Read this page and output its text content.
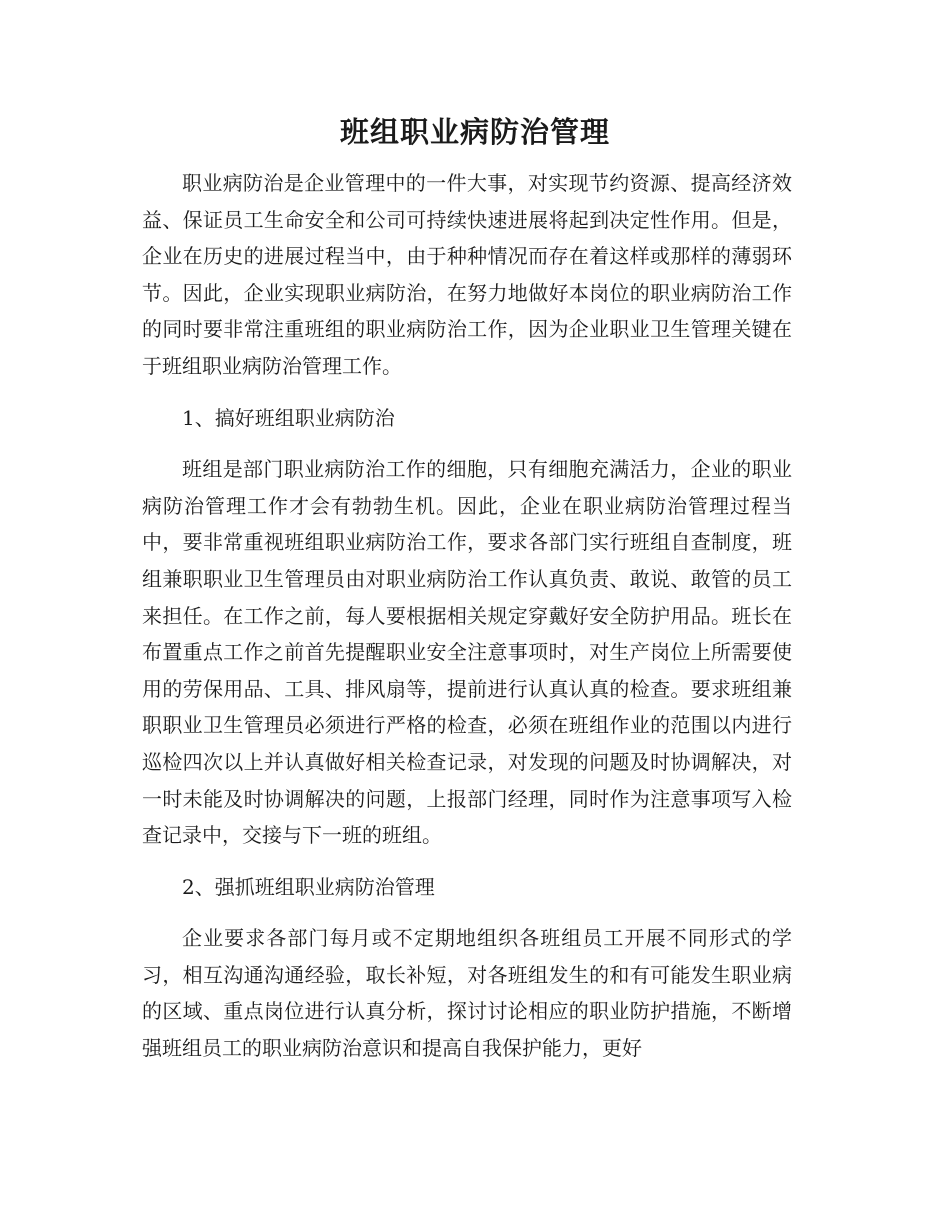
班组职业病防治管理

职业病防治是企业管理中的一件大事，对实现节约资源、提高经济效益、保证员工生命安全和公司可持续快速进展将起到决定性作用。但是，企业在历史的进展过程当中，由于种种情况而存在着这样或那样的薄弱环节。因此，企业实现职业病防治，在努力地做好本岗位的职业病防治工作的同时要非常注重班组的职业病防治工作，因为企业职业卫生管理关键在于班组职业病防治管理工作。

1、搞好班组职业病防治

班组是部门职业病防治工作的细胞，只有细胞充满活力，企业的职业病防治管理工作才会有勃勃生机。因此，企业在职业病防治管理过程当中，要非常重视班组职业病防治工作，要求各部门实行班组自查制度，班组兼职职业卫生管理员由对职业病防治工作认真负责、敢说、敢管的员工来担任。在工作之前，每人要根据相关规定穿戴好安全防护用品。班长在布置重点工作之前首先提醒职业安全注意事项时，对生产岗位上所需要使用的劳保用品、工具、排风扇等，提前进行认真认真的检查。要求班组兼职职业卫生管理员必须进行严格的检查，必须在班组作业的范围以内进行巡检四次以上并认真做好相关检查记录，对发现的问题及时协调解决，对一时未能及时协调解决的问题，上报部门经理，同时作为注意事项写入检查记录中，交接与下一班的班组。

2、强抓班组职业病防治管理

企业要求各部门每月或不定期地组织各班组员工开展不同形式的学习，相互沟通沟通经验，取长补短，对各班组发生的和有可能发生职业病的区域、重点岗位进行认真分析，探讨讨论相应的职业防护措施，不断增强班组员工的职业病防治意识和提高自我保护能力，更好
